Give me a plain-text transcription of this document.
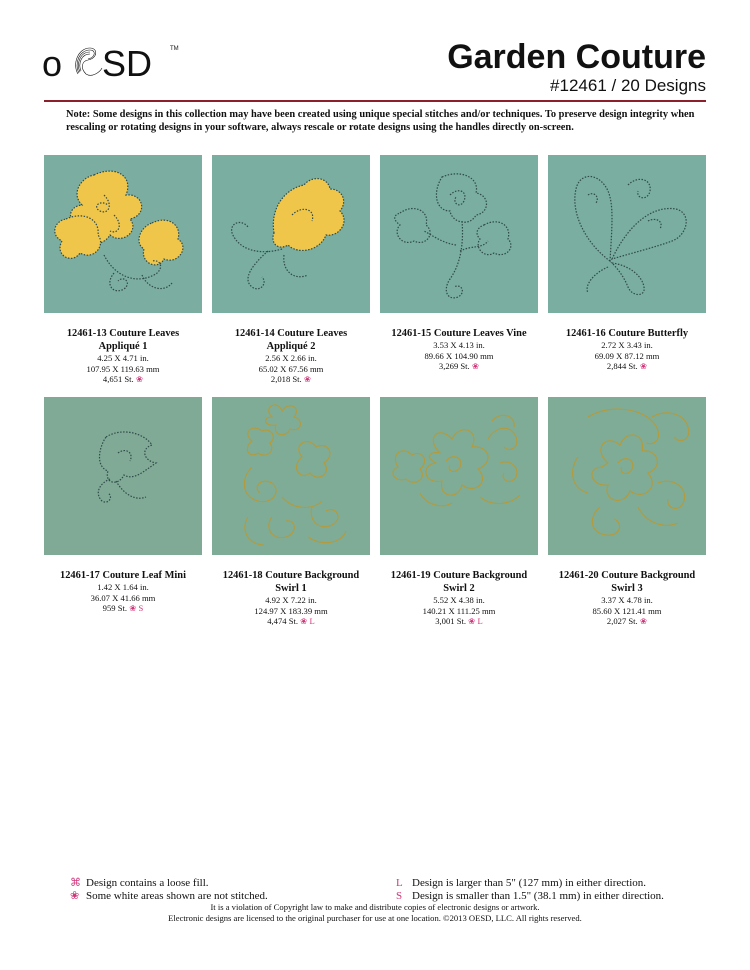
o SD	TM	Garden Couture
#12461 / 20 Designs
Note: Some designs in this collection may have been created using unique special stitches and/or techniques. To preserve design integrity when rescaling or rotating designs in your software, always rescale or rotate designs using the handles directly on-screen.
12461-13 Couture Leaves
Appliqué 1
4.25 X 4.71 in.
107.95 X 119.63 mm
4,651 St. ❀
12461-14 Couture Leaves
Appliqué 2
2.56 X 2.66 in.
65.02 X 67.56 mm
2,018 St. ❀
12461-15 Couture Leaves Vine
3.53 X 4.13 in.
89.66 X 104.90 mm
3,269 St. ❀
12461-16 Couture Butterfly
2.72 X 3.43 in.
69.09 X 87.12 mm
2,844 St. ❀
12461-17 Couture Leaf Mini
1.42 X 1.64 in.
36.07 X 41.66 mm
959 St. ❀ S
12461-18 Couture Background
Swirl 1
4.92 X 7.22 in.
124.97 X 183.39 mm
4,474 St. ❀ L
12461-19 Couture Background
Swirl 2
5.52 X 4.38 in.
140.21 X 111.25 mm
3,001 St. ❀ L
12461-20 Couture Background
Swirl 3
3.37 X 4.78 in.
85.60 X 121.41 mm
2,027 St. ❀
⌘ Design contains a loose fill.
❀ Some white areas shown are not stitched.
L Design is larger than 5" (127 mm) in either direction.
S Design is smaller than 1.5" (38.1 mm) in either direction.
It is a violation of Copyright law to make and distribute copies of electronic designs or artwork.
Electronic designs are licensed to the original purchaser for use at one location. ©2013 OESD, LLC. All rights reserved.
